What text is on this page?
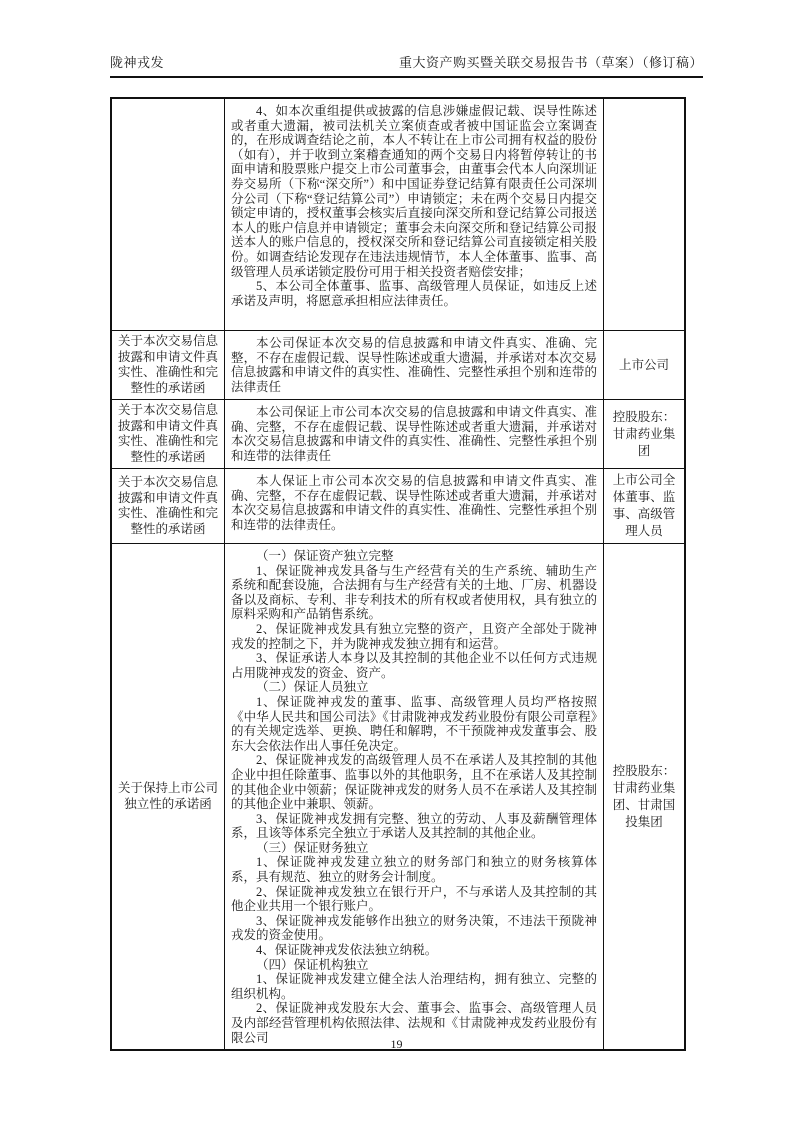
陇神戎发	重大资产购买暨关联交易报告书（草案）（修订稿）

4、如本次重组提供或披露的信息涉嫌虚假记载、误导性陈述或者重大遗漏，被司法机关立案侦查或者被中国证监会立案调查的，在形成调查结论之前，本人不转让在上市公司拥有权益的股份（如有），并于收到立案稽查通知的两个交易日内将暂停转让的书面申请和股票账户提交上市公司董事会，由董事会代本人向深圳证券交易所（下称“深交所”）和中国证券登记结算有限责任公司深圳分公司（下称“登记结算公司”）申请锁定；未在两个交易日内提交锁定申请的，授权董事会核实后直接向深交所和登记结算公司报送本人的账户信息并申请锁定；董事会未向深交所和登记结算公司报送本人的账户信息的，授权深交所和登记结算公司直接锁定相关股份。如调查结论发现存在违法违规情节，本人全体董事、监事、高级管理人员承诺锁定股份可用于相关投资者赔偿安排；

5、本公司全体董事、监事、高级管理人员保证，如违反上述承诺及声明，将愿意承担相应法律责任。

关于本次交易信息披露和申请文件真实性、准确性和完整性的承诺函

本公司保证本次交易的信息披露和申请文件真实、准确、完整，不存在虚假记载、误导性陈述或重大遗漏，并承诺对本次交易信息披露和申请文件的真实性、准确性、完整性承担个别和连带的法律责任

上市公司
关于本次交易信息披露和申请文件真实性、准确性和完整性的承诺函

本公司保证上市公司本次交易的信息披露和申请文件真实、准确、完整，不存在虚假记载、误导性陈述或者重大遗漏，并承诺对本次交易信息披露和申请文件的真实性、准确性、完整性承担个别和连带的法律责任

控股股东：甘肃药业集团
关于本次交易信息披露和申请文件真实性、准确性和完整性的承诺函

本人保证上市公司本次交易的信息披露和申请文件真实、准确、完整，不存在虚假记载、误导性陈述或者重大遗漏，并承诺对本次交易信息披露和申请文件的真实性、准确性、完整性承担个别和连带的法律责任。

上市公司全体董事、监事、高级管理人员
关于保持上市公司独立性的承诺函

（一）保证资产独立完整

1、保证陇神戎发具备与生产经营有关的生产系统、辅助生产系统和配套设施，合法拥有与生产经营有关的土地、厂房、机器设备以及商标、专利、非专利技术的所有权或者使用权，具有独立的原料采购和产品销售系统。

2、保证陇神戎发具有独立完整的资产，且资产全部处于陇神戎发的控制之下，并为陇神戎发独立拥有和运营。

3、保证承诺人本身以及其控制的其他企业不以任何方式违规占用陇神戎发的资金、资产。

（二）保证人员独立

1、保证陇神戎发的董事、监事、高级管理人员均严格按照《中华人民共和国公司法》《甘肃陇神戎发药业股份有限公司章程》的有关规定选举、更换、聘任和解聘，不干预陇神戎发董事会、股东大会依法作出人事任免决定。

2、保证陇神戎发的高级管理人员不在承诺人及其控制的其他企业中担任除董事、监事以外的其他职务，且不在承诺人及其控制的其他企业中领薪；保证陇神戎发的财务人员不在承诺人及其控制的其他企业中兼职、领薪。

3、保证陇神戎发拥有完整、独立的劳动、人事及薪酬管理体系，且该等体系完全独立于承诺人及其控制的其他企业。

（三）保证财务独立

1、保证陇神戎发建立独立的财务部门和独立的财务核算体系，具有规范、独立的财务会计制度。

2、保证陇神戎发独立在银行开户，不与承诺人及其控制的其他企业共用一个银行账户。

3、保证陇神戎发能够作出独立的财务决策，不违法干预陇神戎发的资金使用。

4、保证陇神戎发依法独立纳税。

（四）保证机构独立

1、保证陇神戎发建立健全法人治理结构，拥有独立、完整的组织机构。

2、保证陇神戎发股东大会、董事会、监事会、高级管理人员及内部经营管理机构依照法律、法规和《甘肃陇神戎发药业股份有限公司

控股股东：甘肃药业集团、甘肃国投集团
19
